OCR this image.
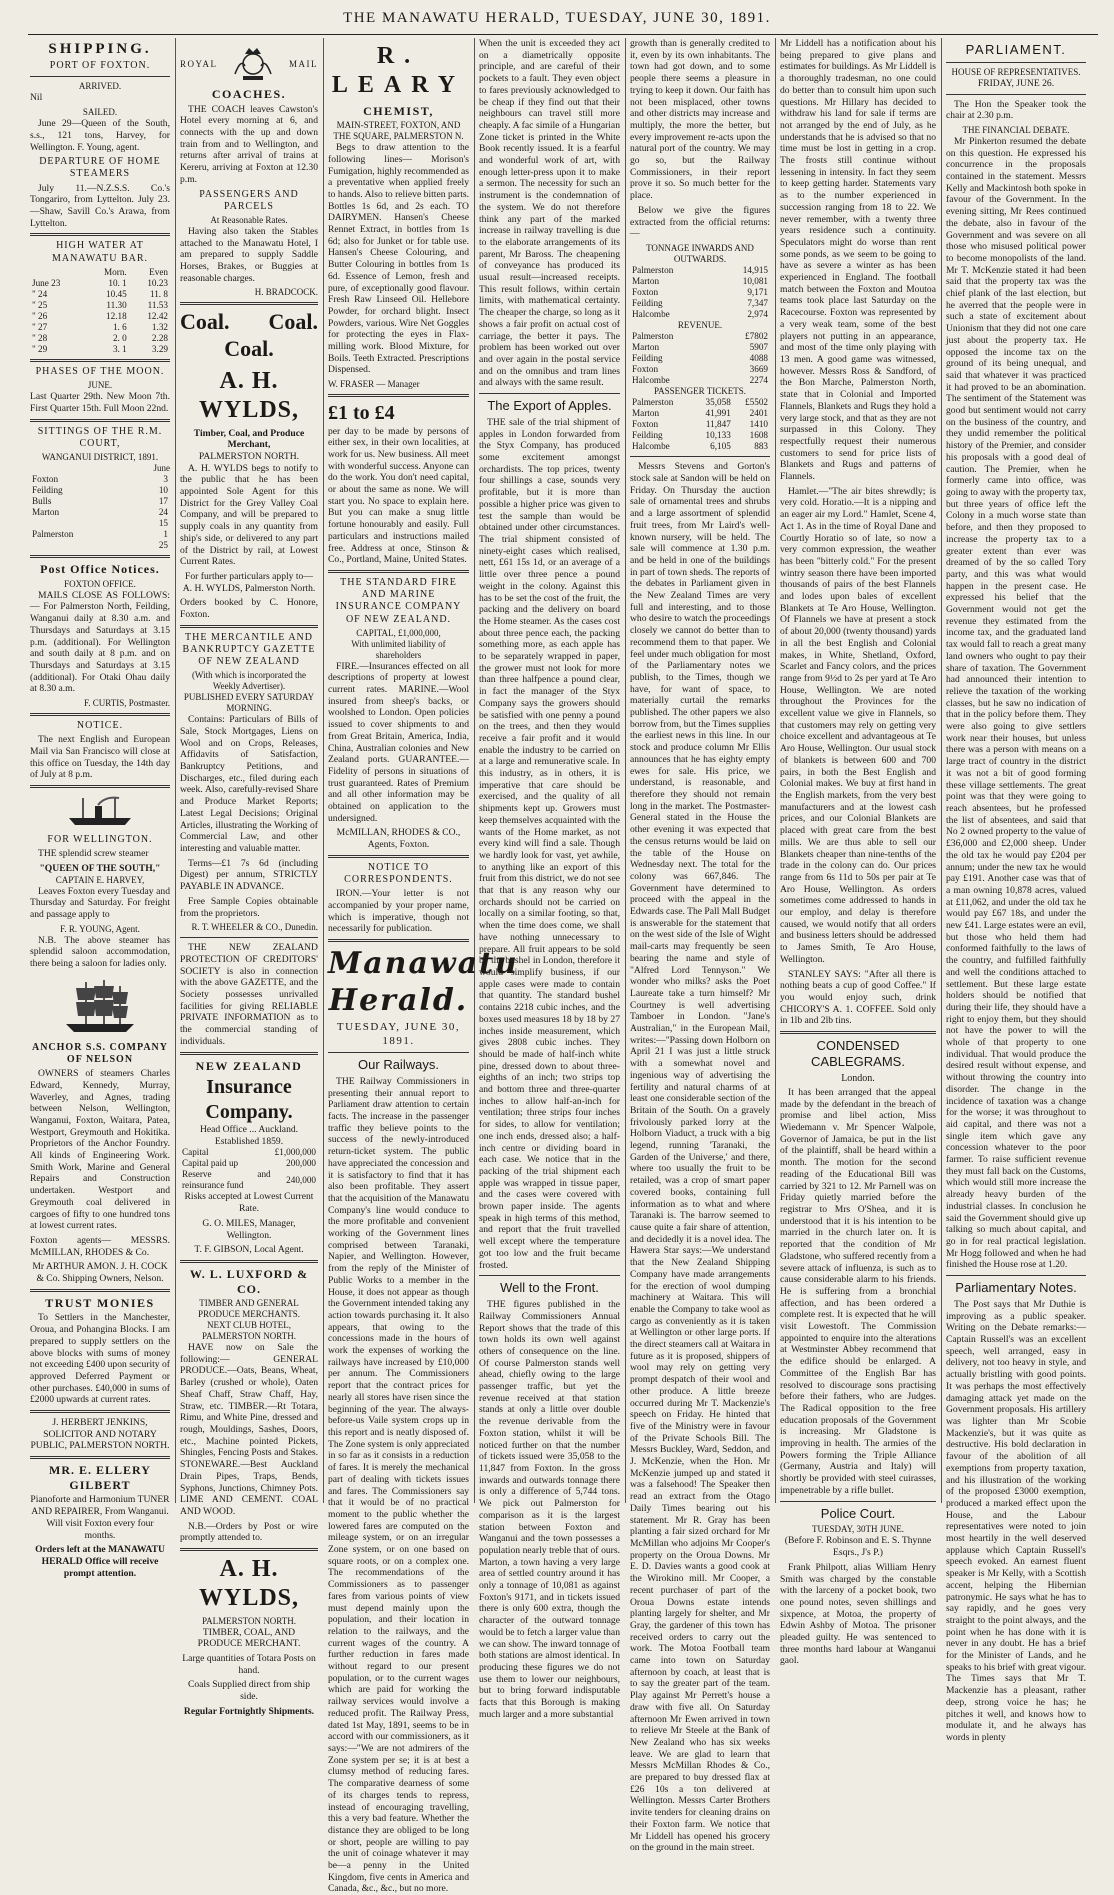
THE MANAWATU HERALD, TUESDAY, JUNE 30, 1891.
SHIPPING.
PORT OF FOXTON.
ARRIVED.

Nil

SAILED.

June 29—Queen of the South, s.s., 121 tons, Harvey, for Wellington. F. Young, agent.

DEPARTURE OF HOME STEAMERS

July 11.—N.Z.S.S. Co.'s Tongariro, from Lyttelton. July 23.—Shaw, Savill Co.'s Arawa, from Lyttelton.

HIGH WATER AT MANAWATU BAR.
	Morn.	Even
June 23	10. 1	10.23
" 24	10.45	11. 8
" 25	11.30	11.53
" 26	12.18	12.42
" 27	1. 6	1.32
" 28	2. 0	2.28
" 29	3. 1	3.29
PHASES OF THE MOON.
JUNE.

Last Quarter 29th. New Moon 7th. First Quarter 15th. Full Moon 22nd.

SITTINGS OF THE R.M. COURT,
WANGANUI DISTRICT, 1891.
June
Foxton	3
Feilding	10
Bulls	17
Marton	24
	15
Palmerston	1
	25
Post Office Notices.
FOXTON OFFICE.

MAILS CLOSE AS FOLLOWS:— For Palmerston North, Feilding, Wanganui daily at 8.30 a.m. and Thursdays and Saturdays at 3.15 p.m. (additional). For Wellington and south daily at 8 p.m. and on Thursdays and Saturdays at 3.15 (additional). For Otaki Ohau daily at 8.30 a.m.

F. CURTIS, Postmaster.
NOTICE.

The next English and European Mail via San Francisco will close at this office on Tuesday, the 14th day of July at 8 p.m.

FOR WELLINGTON.

THE splendid screw steamer

"QUEEN OF THE SOUTH,"
CAPTAIN E. HARVEY,

Leaves Foxton every Tuesday and Thursday and Saturday. For freight and passage apply to

F. R. YOUNG, Agent.

N.B. The above steamer has splendid saloon accommodation, there being a saloon for ladies only.

ANCHOR S.S. COMPANY OF NELSON

OWNERS of steamers Charles Edward, Kennedy, Murray, Waverley, and Agnes, trading between Nelson, Wellington, Wanganui, Foxton, Waitara, Patea, Westport, Greymouth and Hokitika. Proprietors of the Anchor Foundry. All kinds of Engineering Work. Smith Work, Marine and General Repairs and Construction undertaken. Westport and Greymouth coal delivered in cargoes of fifty to one hundred tons at lowest current rates.

Foxton agents— MESSRS. McMILLAN, RHODES & Co.

Mr ARTHUR AMON. J. H. COCK & Co. Shipping Owners, Nelson.

TRUST MONIES

To Settlers in the Manchester, Oroua, and Pohangina Blocks. I am prepared to supply settlers on the above blocks with sums of money not exceeding £400 upon security of approved Deferred Payment or other purchases. £40,000 in sums of £2000 upwards at current rates.

J. HERBERT JENKINS, SOLICITOR AND NOTARY PUBLIC, PALMERSTON NORTH.

MR. E. ELLERY GILBERT

Pianoforte and Harmonium TUNER AND REPAIRER, From Wanganui. Will visit Foxton every four months.

Orders left at the MANAWATU HERALD Office will receive prompt attention.

ROYAL	MAIL
COACHES.

THE COACH leaves Cawston's Hotel every morning at 6, and connects with the up and down train from and to Wellington, and returns after arrival of trains at Kereru, arriving at Foxton at 12.30 p.m.

PASSENGERS AND PARCELS
At Reasonable Rates.

Having also taken the Stables attached to the Manawatu Hotel, I am prepared to supply Saddle Horses, Brakes, or Buggies at reasonable charges.

H. BRADCOCK.
Coal. Coal.
Coal.
A. H. WYLDS,
Timber, Coal, and Produce Merchant,
PALMERSTON NORTH.

A. H. WYLDS begs to notify to the public that he has been appointed Sole Agent for this District for the Grey Valley Coal Company, and will be prepared to supply coals in any quantity from ship's side, or delivered to any part of the District by rail, at Lowest Current Rates.

For further particulars apply to— A. H. WYLDS, Palmerston North.

Orders booked by C. Honore, Foxton.

THE MERCANTILE AND BANKRUPTCY GAZETTE OF NEW ZEALAND
(With which is incorporated the Weekly Advertiser).
PUBLISHED EVERY SATURDAY MORNING.

Contains: Particulars of Bills of Sale, Stock Mortgages, Liens on Wool and on Crops, Releases, Affidavits of Satisfaction, Bankruptcy Petitions, and Discharges, etc., filed during each week. Also, carefully-revised Share and Produce Market Reports; Latest Legal Decisions; Original Articles, illustrating the Working of Commercial Law, and other interesting and valuable matter.

Terms—£1 7s 6d (including Digest) per annum, STRICTLY PAYABLE IN ADVANCE.

Free Sample Copies obtainable from the proprietors.

R. T. WHEELER & CO., Dunedin.

THE NEW ZEALAND PROTECTION OF CREDITORS' SOCIETY is also in connection with the above GAZETTE, and the Society possesses unrivalled facilities for giving RELIABLE PRIVATE INFORMATION as to the commercial standing of individuals.

NEW ZEALAND
Insurance Company.
Head Office ... Auckland.
Established 1859.
Capital	£1,000,000
Capital paid up	200,000
Reserve and reinsurance fund	240,000

Risks accepted at Lowest Current Rate.

G. O. MILES, Manager, Wellington.

T. F. GIBSON, Local Agent.

W. L. LUXFORD & CO.
TIMBER AND GENERAL PRODUCE MERCHANTS.
NEXT CLUB HOTEL, PALMERSTON NORTH.

HAVE now on Sale the following:— GENERAL PRODUCE.—Oats, Beans, Wheat, Barley (crushed or whole), Oaten Sheaf Chaff, Straw Chaff, Hay, Straw, etc. TIMBER.—Rt Totara, Rimu, and White Pine, dressed and rough, Mouldings, Sashes, Doors, etc., Machine pointed Pickets, Shingles, Fencing Posts and Stakes. STONEWARE.—Best Auckland Drain Pipes, Traps, Bends, Syphons, Junctions, Chimney Pots. LIME AND CEMENT. COAL AND WOOD.

N.B.—Orders by Post or wire promptly attended to.

A. H. WYLDS,
PALMERSTON NORTH.

TIMBER, COAL, AND PRODUCE MERCHANT.

Large quantities of Totara Posts on hand.

Coals Supplied direct from ship side.

Regular Fortnightly Shipments.

R. LEARY
CHEMIST,
MAIN-STREET, FOXTON, AND THE SQUARE, PALMERSTON N.

Begs to draw attention to the following lines— Morison's Fumigation, highly recommended as a preventative when applied freely to hands. Also to relieve bitten parts. Bottles 1s 6d, and 2s each. TO DAIRYMEN. Hansen's Cheese Rennet Extract, in bottles from 1s 6d; also for Junket or for table use. Hansen's Cheese Colouring, and Butter Colouring in bottles from 1s 6d. Essence of Lemon, fresh and pure, of exceptionally good flavour. Fresh Raw Linseed Oil. Hellebore Powder, for orchard blight. Insect Powders, various. Wire Net Goggles for protecting the eyes in Flax-milling work. Blood Mixture, for Boils. Teeth Extracted. Prescriptions Dispensed.

W. FRASER — Manager
£1 to £4

per day to be made by persons of either sex, in their own localities, at work for us. New business. All meet with wonderful success. Anyone can do the work. You don't need capital, or about the same as none. We will start you. No space to explain here. But you can make a snug little fortune honourably and easily. Full particulars and instructions mailed free. Address at once, Stinson & Co., Portland, Maine, United States.

THE STANDARD FIRE AND MARINE INSURANCE COMPANY OF NEW ZEALAND.
CAPITAL, £1,000,000,
With unlimited liability of shareholders

FIRE.—Insurances effected on all descriptions of property at lowest current rates. MARINE.—Wool insured from sheep's backs, or woolshed to London. Open policies issued to cover shipments to and from Great Britain, America, India, China, Australian colonies and New Zealand ports. GUARANTEE.—Fidelity of persons in situations of trust guaranteed. Rates of Premium and all other information may be obtained on application to the undersigned.

McMILLAN, RHODES & CO., Agents, Foxton.

NOTICE TO CORRESPONDENTS.

IRON.—Your letter is not accompanied by your proper name, which is imperative, though not necessarily for publication.

Manawatu Herald.
TUESDAY, JUNE 30, 1891.
Our Railways.

THE Railway Commissioners in presenting their annual report to Parliament draw attention to certain facts. The increase in the passenger traffic they believe points to the success of the newly-introduced return-ticket system. The public have appreciated the concession and it is satisfactory to find that it has also been profitable. They assert that the acquisition of the Manawatu Company's line would conduce to the more profitable and convenient working of the Government lines comprised between Taranaki, Napier, and Wellington. However, from the reply of the Minister of Public Works to a member in the House, it does not appear as though the Government intended taking any action towards purchasing it. It also appears, that owing to the concessions made in the hours of work the expenses of working the railways have increased by £10,000 per annum. The Commissioners report that the contract prices for nearly all stores have risen since the beginning of the year. The always-before-us Vaile system crops up in this report and is neatly disposed of. The Zone system is only appreciated in so far as it consists in a reduction of fares. It is merely the mechanical part of dealing with tickets issues and fares. The Commissioners say that it would be of no practical moment to the public whether the lowered fares are computed on the mileage system, or on an irregular Zone system, or on one based on square roots, or on a complex one. The recommendations of the Commissioners as to passenger fares from various points of view must depend mainly upon the population, and their location in relation to the railways, and the current wages of the country. A further reduction in fares made without regard to our present population, or to the current wages which are paid for working the railway services would involve a reduced profit. The Railway Press, dated 1st May, 1891, seems to be in accord with our commissioners, as it says:—"We are not admirers of the Zone system per se; it is at best a clumsy method of reducing fares. The comparative dearness of some of its charges tends to repress, instead of encouraging travelling, this a very bad feature. Whether the distance they are obliged to be long or short, people are willing to pay the unit of coinage whatever it may be—a penny in the United Kingdom, five cents in America and Canada, &c., &c., but no more.

When the unit is exceeded they act on a diametrically opposite principle, and are careful of their pockets to a fault. They even object to fares previously acknowledged to be cheap if they find out that their neighbours can travel still more cheaply. A fac simile of a Hungarian Zone ticket is printed in the White Book recently issued. It is a fearful and wonderful work of art, with enough letter-press upon it to make a sermon. The necessity for such an instrument is the condemnation of the system. We do not therefore think any part of the marked increase in railway travelling is due to the elaborate arrangements of its parent, Mr Baross. The cheapening of conveyance has produced its usual result—increased receipts. This result follows, within certain limits, with mathematical certainty. The cheaper the charge, so long as it shows a fair profit on actual cost of carriage, the better it pays. The problem has been worked out over and over again in the postal service and on the omnibus and tram lines and always with the same result.

The Export of Apples.

THE sale of the trial shipment of apples in London forwarded from the Styx Company, has produced some excitement amongst orchardists. The top prices, twenty four shillings a case, sounds very profitable, but it is more than possible a higher price was given to test the sample than would be obtained under other circumstances. The trial shipment consisted of ninety-eight cases which realised, nett, £61 15s 1d, or an average of a little over three pence a pound weight in the colony. Against this has to be set the cost of the fruit, the packing and the delivery on board the Home steamer. As the cases cost about three pence each, the packing something more, as each apple has to be separately wrapped in paper, the grower must not look for more than three halfpence a pound clear, in fact the manager of the Styx Company says the growers should be satisfied with one penny a pound on the trees, and then they would receive a fair profit and it would enable the industry to be carried on at a large and remunerative scale. In this industry, as in others, it is imperative that care should be exercised, and the quality of all shipments kept up. Growers must keep themselves acquainted with the wants of the Home market, as not every kind will find a sale. Though we hardly look for vast, yet awhile, to anything like an export of this fruit from this district, we do not see that that is any reason why our orchards should not be carried on locally on a similar footing, so that, when the time does come, we shall have nothing unnecessary to prepare. All fruit appears to be sold by the bushel in London, therefore it would simplify business, if our apple cases were made to contain that quantity. The standard bushel contains 2218 cubic inches, and the boxes used measures 18 by 18 by 27 inches inside measurement, which gives 2808 cubic inches. They should be made of half-inch white pine, dressed down to about three-eighths of an inch; two strips top and bottom three and three-quarter inches to allow half-an-inch for ventilation; three strips four inches for sides, to allow for ventilation; one inch ends, dressed also; a half-inch centre or dividing board in each case. We notice that in the packing of the trial shipment each apple was wrapped in tissue paper, and the cases were covered with brown paper inside. The agents speak in high terms of this method, and report that the fruit travelled well except where the temperature got too low and the fruit became frosted.

Well to the Front.

THE figures published in the Railway Commissioners Annual Report shows that the trade of this town holds its own well against others of consequence on the line. Of course Palmerston stands well ahead, chiefly owing to the large passenger traffic, but yet the revenue received at that station stands at only a little over double the revenue derivable from the Foxton station, whilst it will be noticed further on that the number of tickets issued were 35,058 to the 11,847 from Foxton. In the gross inwards and outwards tonnage there is only a difference of 5,744 tons. We pick out Palmerston for comparison as it is the largest station between Foxton and Wanganui and the town possesses a population nearly treble that of ours. Marton, a town having a very large area of settled country around it has only a tonnage of 10,081 as against Foxton's 9171, and in tickets issued there is only 600 extra, though the character of the outward tonnage would be to fetch a larger value than we can show. The inward tonnage of both stations are almost identical. In producing these figures we do not use them to lower our neighbours, but to bring forward indisputable facts that this Borough is making much larger and a more substantial

growth than is generally credited to it, even by its own inhabitants. The town had got down, and to some people there seems a pleasure in trying to keep it down. Our faith has not been misplaced, other towns and other districts may increase and multiply, the more the better, but every improvement re-acts upon the natural port of the country. We may go so, but the Railway Commissioners, in their report prove it so. So much better for the place.

Below we give the figures extracted from the official returns:—

TONNAGE INWARDS AND OUTWARDS.
Palmerston	14,915
Marton	10,081
Foxton	9,171
Feilding	7,347
Halcombe	2,974
REVENUE.
Palmerston	£7802
Marton	5907
Feilding	4088
Foxton	3669
Halcombe	2274
PASSENGER TICKETS.
Palmerston	35,058	£5502
Marton	41,991	2401
Foxton	11,847	1410
Feilding	10,133	1608
Halcombe	6,105	883

Messrs Stevens and Gorton's stock sale at Sandon will be held on Friday. On Thursday the auction sale of ornamental trees and shrubs and a large assortment of splendid fruit trees, from Mr Laird's well-known nursery, will be held. The sale will commence at 1.30 p.m. and be held in one of the buildings in part of town sheds. The reports of the debates in Parliament given in the New Zealand Times are very full and interesting, and to those who desire to watch the proceedings closely we cannot do better than to recommend them to that paper. We feel under much obligation for most of the Parliamentary notes we publish, to the Times, though we have, for want of space, to materially curtail the remarks published. The other papers we also borrow from, but the Times supplies the earliest news in this line. In our stock and produce column Mr Ellis announces that he has eighty empty ewes for sale. His price, we understand, is reasonable, and therefore they should not remain long in the market. The Postmaster-General stated in the House the other evening it was expected that the census returns would be laid on the table of the House on Wednesday next. The total for the colony was 667,846. The Government have determined to proceed with the appeal in the Edwards case. The Pall Mall Budget is answerable for the statement that on the west side of the Isle of Wight mail-carts may frequently be seen bearing the name and style of "Alfred Lord Tennyson." We wonder who milks? asks the Poet Laureate take a turn himself? Mr Courtney is well advertising Tamboer in London. "Jane's Australian," in the European Mail, writes:—"Passing down Holborn on April 21 I was just a little struck with a somewhat novel and ingenious way of advertising the fertility and natural charms of at least one considerable section of the Britain of the South. On a gravely frivolously parked lorry at the Holborn Viaduct, a truck with a big legend, running 'Taranaki, the Garden of the Universe,' and there, where too usually the fruit to be retailed, was a crop of smart paper covered books, containing full information as to what and where Taranaki is. The barrow seemed to cause quite a fair share of attention, and decidedly it is a novel idea. The Hawera Star says:—We understand that the New Zealand Shipping Company have made arrangements for the erection of wool dumping machinery at Waitara. This will enable the Company to take wool as cargo as conveniently as it is taken at Wellington or other large ports. If the direct steamers call at Waitara in future as it is proposed, shippers of wool may rely on getting very prompt despatch of their wool and other produce. A little breeze occurred during Mr T. Mackenzie's speech on Friday. He hinted that five of the Ministry were in favour of the Private Schools Bill. The Messrs Buckley, Ward, Seddon, and J. McKenzie, when the Hon. Mr McKenzie jumped up and stated it was a falsehood! The Speaker then read an extract from the Otago Daily Times bearing out his statement. Mr R. Gray has been planting a fair sized orchard for Mr McMillan who adjoins Mr Cooper's property on the Oroua Downs. Mr E. D. Davies wants a good cook at the Wirokino mill. Mr Cooper, a recent purchaser of part of the Oroua Downs estate intends planting largely for shelter, and Mr Gray, the gardener of this town has received orders to carry out the work. The Motoa Football team came into town on Saturday afternoon by coach, at least that is to say the greater part of the team. Play against Mr Perrett's house a draw with five all. On Saturday afternoon Mr Ewen arrived in town to relieve Mr Steele at the Bank of New Zealand who has six weeks leave. We are glad to learn that Messrs McMillan Rhodes & Co., are prepared to buy dressed flax at £26 10s a ton delivered at Wellington. Messrs Carter Brothers invite tenders for cleaning drains on their Foxton farm. We notice that Mr Liddell has opened his grocery on the ground in the main street.

Mr Liddell has a notification about his being prepared to give plans and estimates for buildings. As Mr Liddell is a thoroughly tradesman, no one could do better than to consult him upon such questions. Mr Hillary has decided to withdraw his land for sale if terms are not arranged by the end of July, as he understands that he is advised so that no time must be lost in getting in a crop. The frosts still continue without lessening in intensity. In fact they seem to keep getting harder. Statements vary as to the number experienced in succession ranging from 18 to 22. We never remember, with a twenty three years residence such a continuity. Speculators might do worse than rent some ponds, as we seem to be going to have as severe a winter as has been experienced in England. The football match between the Foxton and Moutoa teams took place last Saturday on the Racecourse. Foxton was represented by a very weak team, some of the best players not putting in an appearance, and most of the time only playing with 13 men. A good game was witnessed, however. Messrs Ross & Sandford, of the Bon Marche, Palmerston North, state that in Colonial and Imported Flannels, Blankets and Rugs they hold a very large stock, and that as they are not surpassed in this Colony. They respectfully request their numerous customers to send for price lists of Blankets and Rugs and patterns of Flannels.

Hamlet.—"The air bites shrewdly; is very cold. Horatio.—It is a nipping and an eager air my Lord." Hamlet, Scene 4, Act 1. As in the time of Royal Dane and Courtly Horatio so of late, so now a very common expression, the weather has been "bitterly cold." For the present wintry season there have been imported thousands of pairs of the best Flannels and lodes upon bales of excellent Blankets at Te Aro House, Wellington. Of Flannels we have at present a stock of about 20,000 (twenty thousand) yards in all the best English and Colonial makes, in White, Shetland, Oxford, Scarlet and Fancy colors, and the prices range from 9½d to 2s per yard at Te Aro House, Wellington. We are noted throughout the Provinces for the excellent value we give in Flannels, so that customers may rely on getting very choice excellent and advantageous at Te Aro House, Wellington. Our usual stock of blankets is between 600 and 700 pairs, in both the Best English and Colonial makes. We buy at first hand in the English markets, from the very best manufacturers and at the lowest cash prices, and our Colonial Blankets are placed with great care from the best mills. We are thus able to sell our Blankets cheaper than nine-tenths of the trade in the colony can do. Our prices range from 6s 11d to 50s per pair at Te Aro House, Wellington. As orders sometimes come addressed to hands in our employ, and delay is therefore caused, we would notify that all orders and business letters should be addressed to James Smith, Te Aro House, Wellington.

STANLEY SAYS: "After all there is nothing beats a cup of good Coffee." If you would enjoy such, drink CHICORY'S A. 1. COFFEE. Sold only in 1lb and 2lb tins.

CONDENSED CABLEGRAMS.
London.

It has been arranged that the appeal made by the defendant in the breach of promise and libel action, Miss Wiedemann v. Mr Spencer Walpole, Governor of Jamaica, be put in the list of the plaintiff, shall be heard within a month. The motion for the second reading of the Educational Bill was carried by 321 to 12. Mr Parnell was on Friday quietly married before the registrar to Mrs O'Shea, and it is understood that it is his intention to be married in the church later on. It is reported that the condition of Mr Gladstone, who suffered recently from a severe attack of influenza, is such as to cause considerable alarm to his friends. He is suffering from a bronchial affection, and has been ordered a complete rest. It is expected that he will visit Lowestoft. The Commission appointed to enquire into the alterations at Westminster Abbey recommend that the edifice should be enlarged. A Committee of the English Bar has resolved to discourage sons practising before their fathers, who are Judges. The Radical opposition to the free education proposals of the Government is increasing. Mr Gladstone is improving in health. The armies of the Powers forming the Triple Alliance (Germany, Austria and Italy) will shortly be provided with steel cuirasses, impenetrable by a rifle bullet.

Police Court.
TUESDAY, 30TH JUNE.

(Before F. Robinson and E. S. Thynne Esqrs., J's P.)

Frank Philpott, alias William Henry Smith was charged by the constable with the larceny of a pocket book, two one pound notes, seven shillings and sixpence, at Motoa, the property of Edwin Ashby of Motoa. The prisoner pleaded guilty. He was sentenced to three months hard labour at Wanganui gaol.

PARLIAMENT.
HOUSE OF REPRESENTATIVES.
FRIDAY, JUNE 26.

The Hon the Speaker took the chair at 2.30 p.m.

THE FINANCIAL DEBATE.

Mr Pinkerton resumed the debate on this question. He expressed his concurrence in the proposals contained in the statement. Messrs Kelly and Mackintosh both spoke in favour of the Government. In the evening sitting, Mr Rees continued the debate, also in favour of the Government and was severe on all those who misused political power to become monopolists of the land. Mr T. McKenzie stated it had been said that the property tax was the chief plank of the last election, but he averred that the people were in such a state of excitement about Unionism that they did not one care just about the property tax. He opposed the income tax on the ground of its being unequal, and said that whatever it was practiced it had proved to be an abomination. The sentiment of the Statement was good but sentiment would not carry on the business of the country, and they undid remember the political history of the Premier, and consider his proposals with a good deal of caution. The Premier, when he formerly came into office, was going to away with the property tax, but three years of office left the Colony in a much worse state than before, and then they proposed to increase the property tax to a greater extent than ever was dreamed of by the so called Tory party, and this was what would happen in the present case. He expressed his belief that the Government would not get the revenue they estimated from the income tax, and the graduated land tax would fall to reach a great many land owners who ought to pay their share of taxation. The Government had announced their intention to relieve the taxation of the working classes, but he saw no indication of that in the policy before them. They were also going to give settlers work near their houses, but unless there was a person with means on a large tract of country in the district it was not a bit of good forming these village settlements. The great point was that they were going to reach absentees, but he professed the list of absentees, and said that No 2 owned property to the value of £36,000 and £2,000 sheep. Under the old tax he would pay £204 per annum; under the new tax he would pay £191. Another case was that of a man owning 10,878 acres, valued at £11,062, and under the old tax he would pay £67 18s, and under the new £41. Large estates were an evil, but those who held them had conformed faithfully to the laws of the country, and fulfilled faithfully and well the conditions attached to settlement. But these large estate holders should be notified that during their life, they should have a right to enjoy them, but they should not have the power to will the whole of that property to one individual. That would produce the desired result without expense, and without throwing the country into disorder. The change in the incidence of taxation was a change for the worse; it was throughout to aid capital, and there was not a single item which gave any concession whatever to the poor farmer. To raise sufficient revenue they must fall back on the Customs, which would still more increase the already heavy burden of the industrial classes. In conclusion he said the Government should give up talking so much about capital, and go in for real practical legislation. Mr Hogg followed and when he had finished the House rose at 1.20.

Parliamentary Notes.

The Post says that Mr Duthie is improving as a public speaker. Writing on the Debate remarks:—Captain Russell's was an excellent speech, well arranged, easy in delivery, not too heavy in style, and actually bristling with good points. It was perhaps the most effectively damaging attack yet made on the Government proposals. His artillery was lighter than Mr Scobie Mackenzie's, but it was quite as destructive. His bold declaration in favour of the abolition of all exemptions from property taxation, and his illustration of the working of the proposed £3000 exemption, produced a marked effect upon the House, and the Labour representatives were noted to join most heartily in the well deserved applause which Captain Russell's speech evoked. An earnest fluent speaker is Mr Kelly, with a Scottish accent, helping the Hibernian patronymic. He says what he has to say rapidly, and he goes very straight to the point always, and the point when he has done with it is never in any doubt. He has a brief for the Minister of Lands, and he speaks to his brief with great vigour. The Times says that Mr T. Mackenzie has a pleasant, rather deep, strong voice he has; he pitches it well, and knows how to modulate it, and he always has words in plenty
